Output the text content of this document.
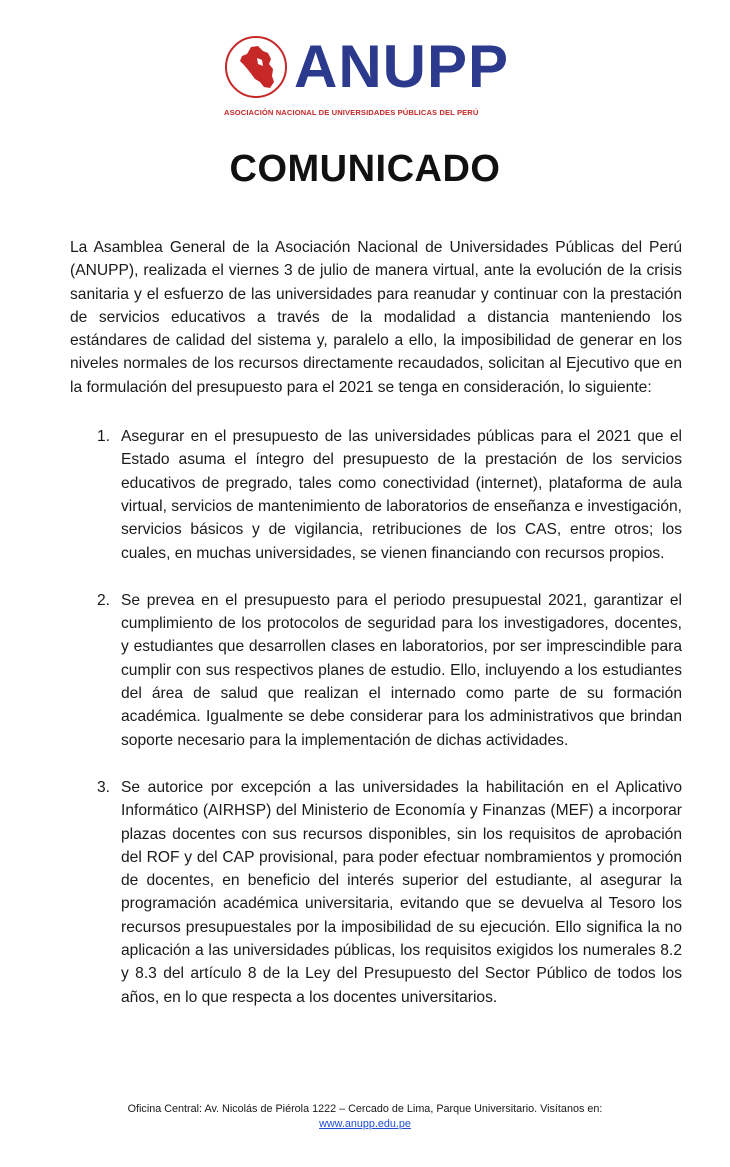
ANUPP
ASOCIACIÓN NACIONAL DE UNIVERSIDADES PÚBLICAS DEL PERÚ
COMUNICADO

La Asamblea General de la Asociación Nacional de Universidades Públicas del Perú (ANUPP), realizada el viernes 3 de julio de manera virtual, ante la evolución de la crisis sanitaria y el esfuerzo de las universidades para reanudar y continuar con la prestación de servicios educativos a través de la modalidad a distancia manteniendo los estándares de calidad del sistema y, paralelo a ello, la imposibilidad de generar en los niveles normales de los recursos directamente recaudados, solicitan al Ejecutivo que en la formulación del presupuesto para el 2021 se tenga en consideración, lo siguiente:

1. Asegurar en el presupuesto de las universidades públicas para el 2021 que el Estado asuma el íntegro del presupuesto de la prestación de los servicios educativos de pregrado, tales como conectividad (internet), plataforma de aula virtual, servicios de mantenimiento de laboratorios de enseñanza e investigación, servicios básicos y de vigilancia, retribuciones de los CAS, entre otros; los cuales, en muchas universidades, se vienen financiando con recursos propios.
2. Se prevea en el presupuesto para el periodo presupuestal 2021, garantizar el cumplimiento de los protocolos de seguridad para los investigadores, docentes, y estudiantes que desarrollen clases en laboratorios, por ser imprescindible para cumplir con sus respectivos planes de estudio. Ello, incluyendo a los estudiantes del área de salud que realizan el internado como parte de su formación académica. Igualmente se debe considerar para los administrativos que brindan soporte necesario para la implementación de dichas actividades.
3. Se autorice por excepción a las universidades la habilitación en el Aplicativo Informático (AIRHSP) del Ministerio de Economía y Finanzas (MEF) a incorporar plazas docentes con sus recursos disponibles, sin los requisitos de aprobación del ROF y del CAP provisional, para poder efectuar nombramientos y promoción de docentes, en beneficio del interés superior del estudiante, al asegurar la programación académica universitaria, evitando que se devuelva al Tesoro los recursos presupuestales por la imposibilidad de su ejecución. Ello significa la no aplicación a las universidades públicas, los requisitos exigidos los numerales 8.2 y 8.3 del artículo 8 de la Ley del Presupuesto del Sector Público de todos los años, en lo que respecta a los docentes universitarios.
Oficina Central: Av. Nicolás de Piérola 1222 – Cercado de Lima, Parque Universitario. Visítanos en:
www.anupp.edu.pe
